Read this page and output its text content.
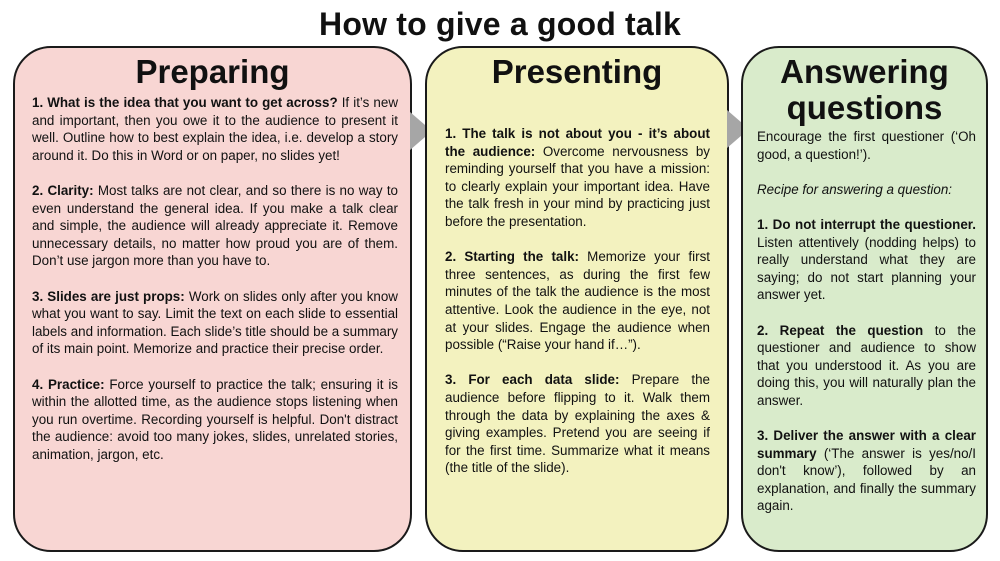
How to give a good talk
Preparing

1. What is the idea that you want to get across? If it’s new and important, then you owe it to the audience to present it well. Outline how to best explain the idea, i.e. develop a story around it. Do this in Word or on paper, no slides yet!

2. Clarity: Most talks are not clear, and so there is no way to even understand the general idea. If you make a talk clear and simple, the audience will already appreciate it. Remove unnecessary details, no matter how proud you are of them. Don’t use jargon more than you have to.

3. Slides are just props: Work on slides only after you know what you want to say. Limit the text on each slide to essential labels and information. Each slide’s title should be a summary of its main point. Memorize and practice their precise order.

4. Practice: Force yourself to practice the talk; ensuring it is within the allotted time, as the audience stops listening when you run overtime. Recording yourself is helpful. Don't distract the audience: avoid too many jokes, slides, unrelated stories, animation, jargon, etc.

Presenting

1. The talk is not about you - it’s about the audience: Overcome nervousness by reminding yourself that you have a mission: to clearly explain your important idea. Have the talk fresh in your mind by practicing just before the presentation.

2. Starting the talk: Memorize your first three sentences, as during the first few minutes of the talk the audience is the most attentive. Look the audience in the eye, not at your slides. Engage the audience when possible (“Raise your hand if…”).

3. For each data slide: Prepare the audience before flipping to it. Walk them through the data by explaining the axes & giving examples. Pretend you are seeing if for the first time. Summarize what it means (the title of the slide).

Answering
questions

Encourage the first questioner (‘Oh good, a question!’).

Recipe for answering a question:

1. Do not interrupt the questioner. Listen attentively (nodding helps) to really understand what they are saying; do not start planning your answer yet.

2. Repeat the question to the questioner and audience to show that you understood it. As you are doing this, you will naturally plan the answer.

3. Deliver the answer with a clear summary (‘The answer is yes/no/I don't know’), followed by an explanation, and finally the summary again.
